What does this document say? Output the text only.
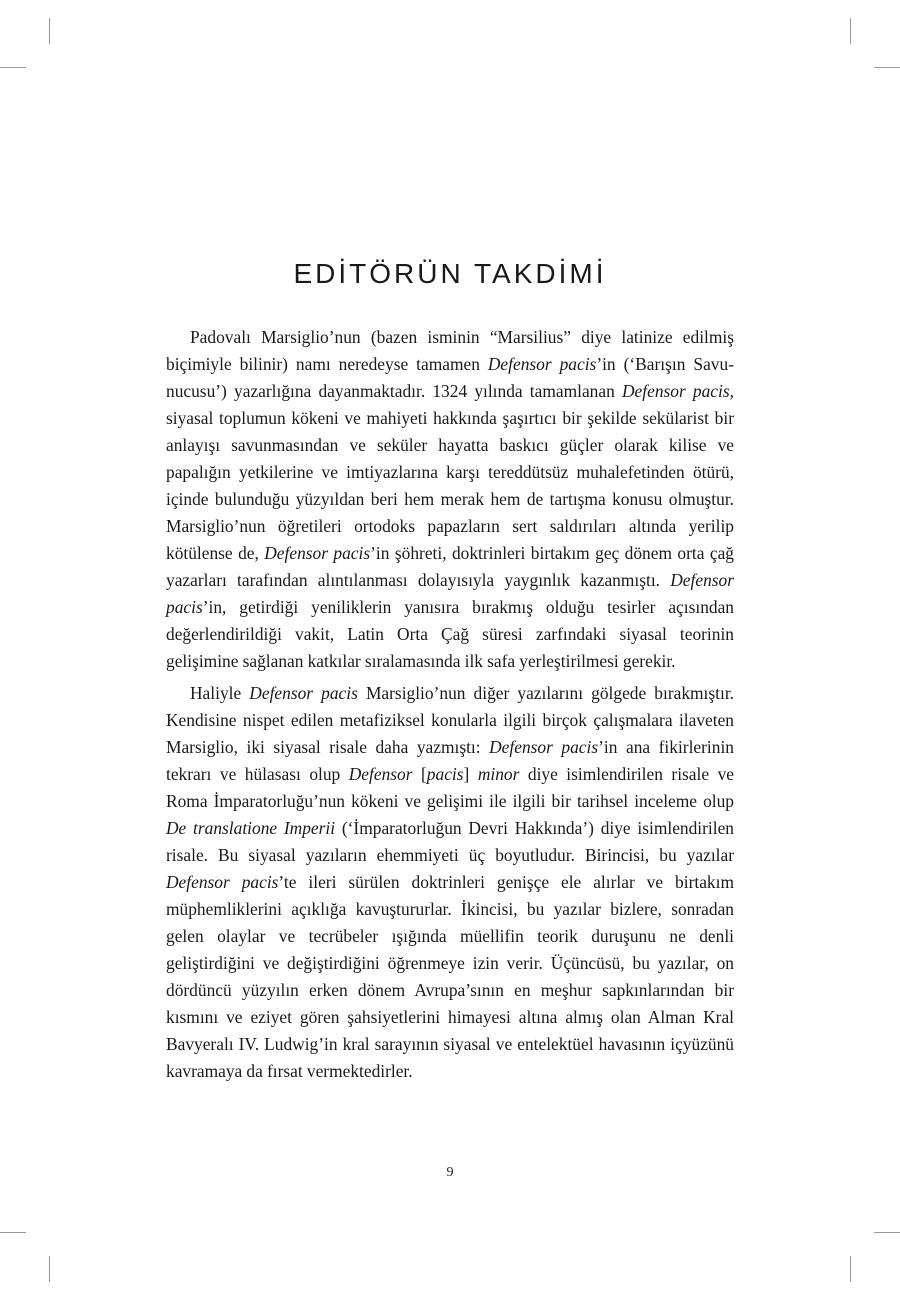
EDİTÖRÜN TAKDİMİ

Padovalı Marsiglio’nun (bazen isminin “Marsilius” diye latinize edilmiş biçimiyle bilinir) namı neredeyse tamamen Defensor pacis’in (‘Barışın Savunucusu’) yazarlığına dayanmaktadır. 1324 yılında tamamlanan Defensor pacis, siyasal toplumun kökeni ve mahiyeti hakkında şaşırtıcı bir şekilde sekülarist bir anlayışı savunmasından ve seküler hayatta baskıcı güçler olarak kilise ve papalığın yetkilerine ve imtiyazlarına karşı tereddütsüz muhalefetinden ötürü, içinde bulunduğu yüzyıldan beri hem merak hem de tartışma konusu olmuştur. Marsiglio’nun öğretileri ortodoks papazların sert saldırıları altında yerilip kötülense de, Defensor pacis’in şöhreti, doktrinleri birtakım geç dönem orta çağ yazarları tarafından alıntılanması dolayısıyla yaygınlık kazanmıştı. Defensor pacis’in, getirdiği yeniliklerin yanısıra bırakmış olduğu tesirler açısından değerlendirildiği vakit, Latin Orta Çağ süresi zarfındaki siyasal teorinin gelişimine sağlanan katkılar sıralamasında ilk safa yerleştirilmesi gerekir.

Haliyle Defensor pacis Marsiglio’nun diğer yazılarını gölgede bırakmıştır. Kendisine nispet edilen metafiziksel konularla ilgili birçok çalışmalara ilaveten Marsiglio, iki siyasal risale daha yazmıştı: Defensor pacis’in ana fikirlerinin tekrarı ve hülasası olup Defensor [pacis] minor diye isimlendirilen risale ve Roma İmparatorluğu’nun kökeni ve gelişimi ile ilgili bir tarihsel inceleme olup De translatione Imperii (‘İmparatorluğun Devri Hakkında’) diye isimlendirilen risale. Bu siyasal yazıların ehemmiyeti üç boyutludur. Birincisi, bu yazılar Defensor pacis’te ileri sürülen doktrinleri genişçe ele alırlar ve birtakım müphemliklerini açıklığa kavuştururlar. İkincisi, bu yazılar bizlere, sonradan gelen olaylar ve tecrübeler ışığında müellifin teorik duruşunu ne denli geliştirdiğini ve değiştirdiğini öğrenmeye izin verir. Üçüncüsü, bu yazılar, on dördüncü yüzyılın erken dönem Avrupa’sının en meşhur sapkınlarından bir kısmını ve eziyet gören şahsiyetlerini himayesi altına almış olan Alman Kral Bavyeralı IV. Ludwig’in kral sarayının siyasal ve entelektüel havasının içyüzünü kavramaya da fırsat vermektedirler.

9
